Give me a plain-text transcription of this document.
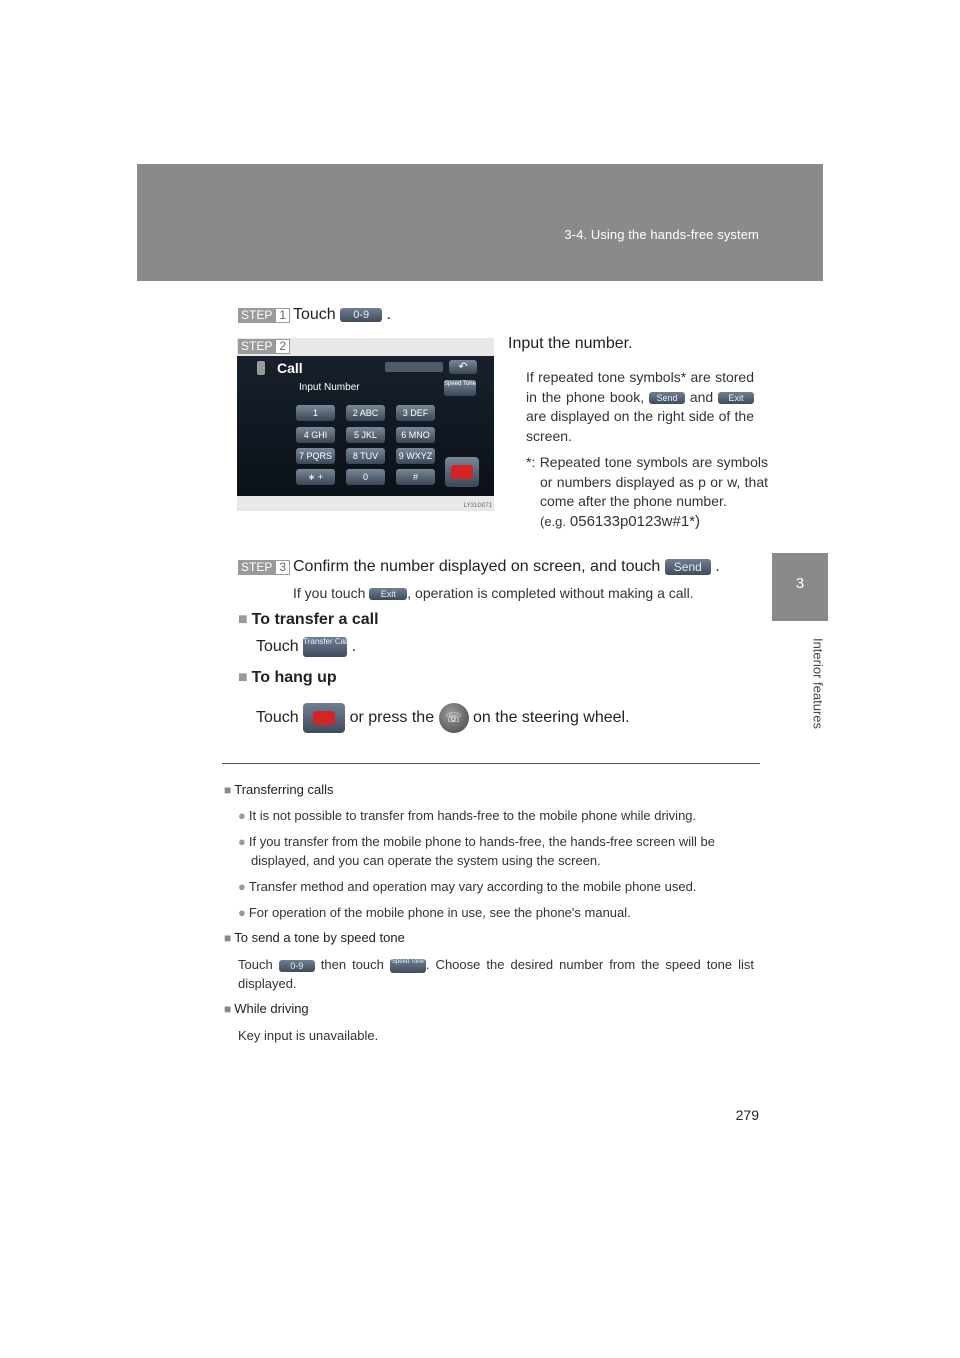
3-4. Using the hands-free system
3
Interior features
STEP 1 Touch 0-9 .
STEP 2
Call
Input Number
↶
Speed Tone
1	2 ABC	3 DEF
4 GHI	5 JKL	6 MNO
7 PQRS	8 TUV	9 WXYZ
∗ +	0	#
LY31G071
Input the number.
If repeated tone symbols* are stored in the phone book, Send and Exit are displayed on the right side of the screen.
*: Repeated tone symbols are symbols or numbers displayed as p or w, that come after the phone number.
(e.g. 056133p0123w#1*)
STEP 3 Confirm the number displayed on screen, and touch Send .
If you touch Exit , operation is completed without making a call.
■ To transfer a call
Touch Transfer Call .
■ To hang up
Touch	or press the ☏ on the steering wheel.
■ Transferring calls
● It is not possible to transfer from hands-free to the mobile phone while driving.
● If you transfer from the mobile phone to hands-free, the hands-free screen will be displayed, and you can operate the system using the screen.
● Transfer method and operation may vary according to the mobile phone used.
● For operation of the mobile phone in use, see the phone's manual.
■ To send a tone by speed tone
Touch 0-9 then touch Speed Tone . Choose the desired number from the speed tone list displayed.
■ While driving
Key input is unavailable.
279
